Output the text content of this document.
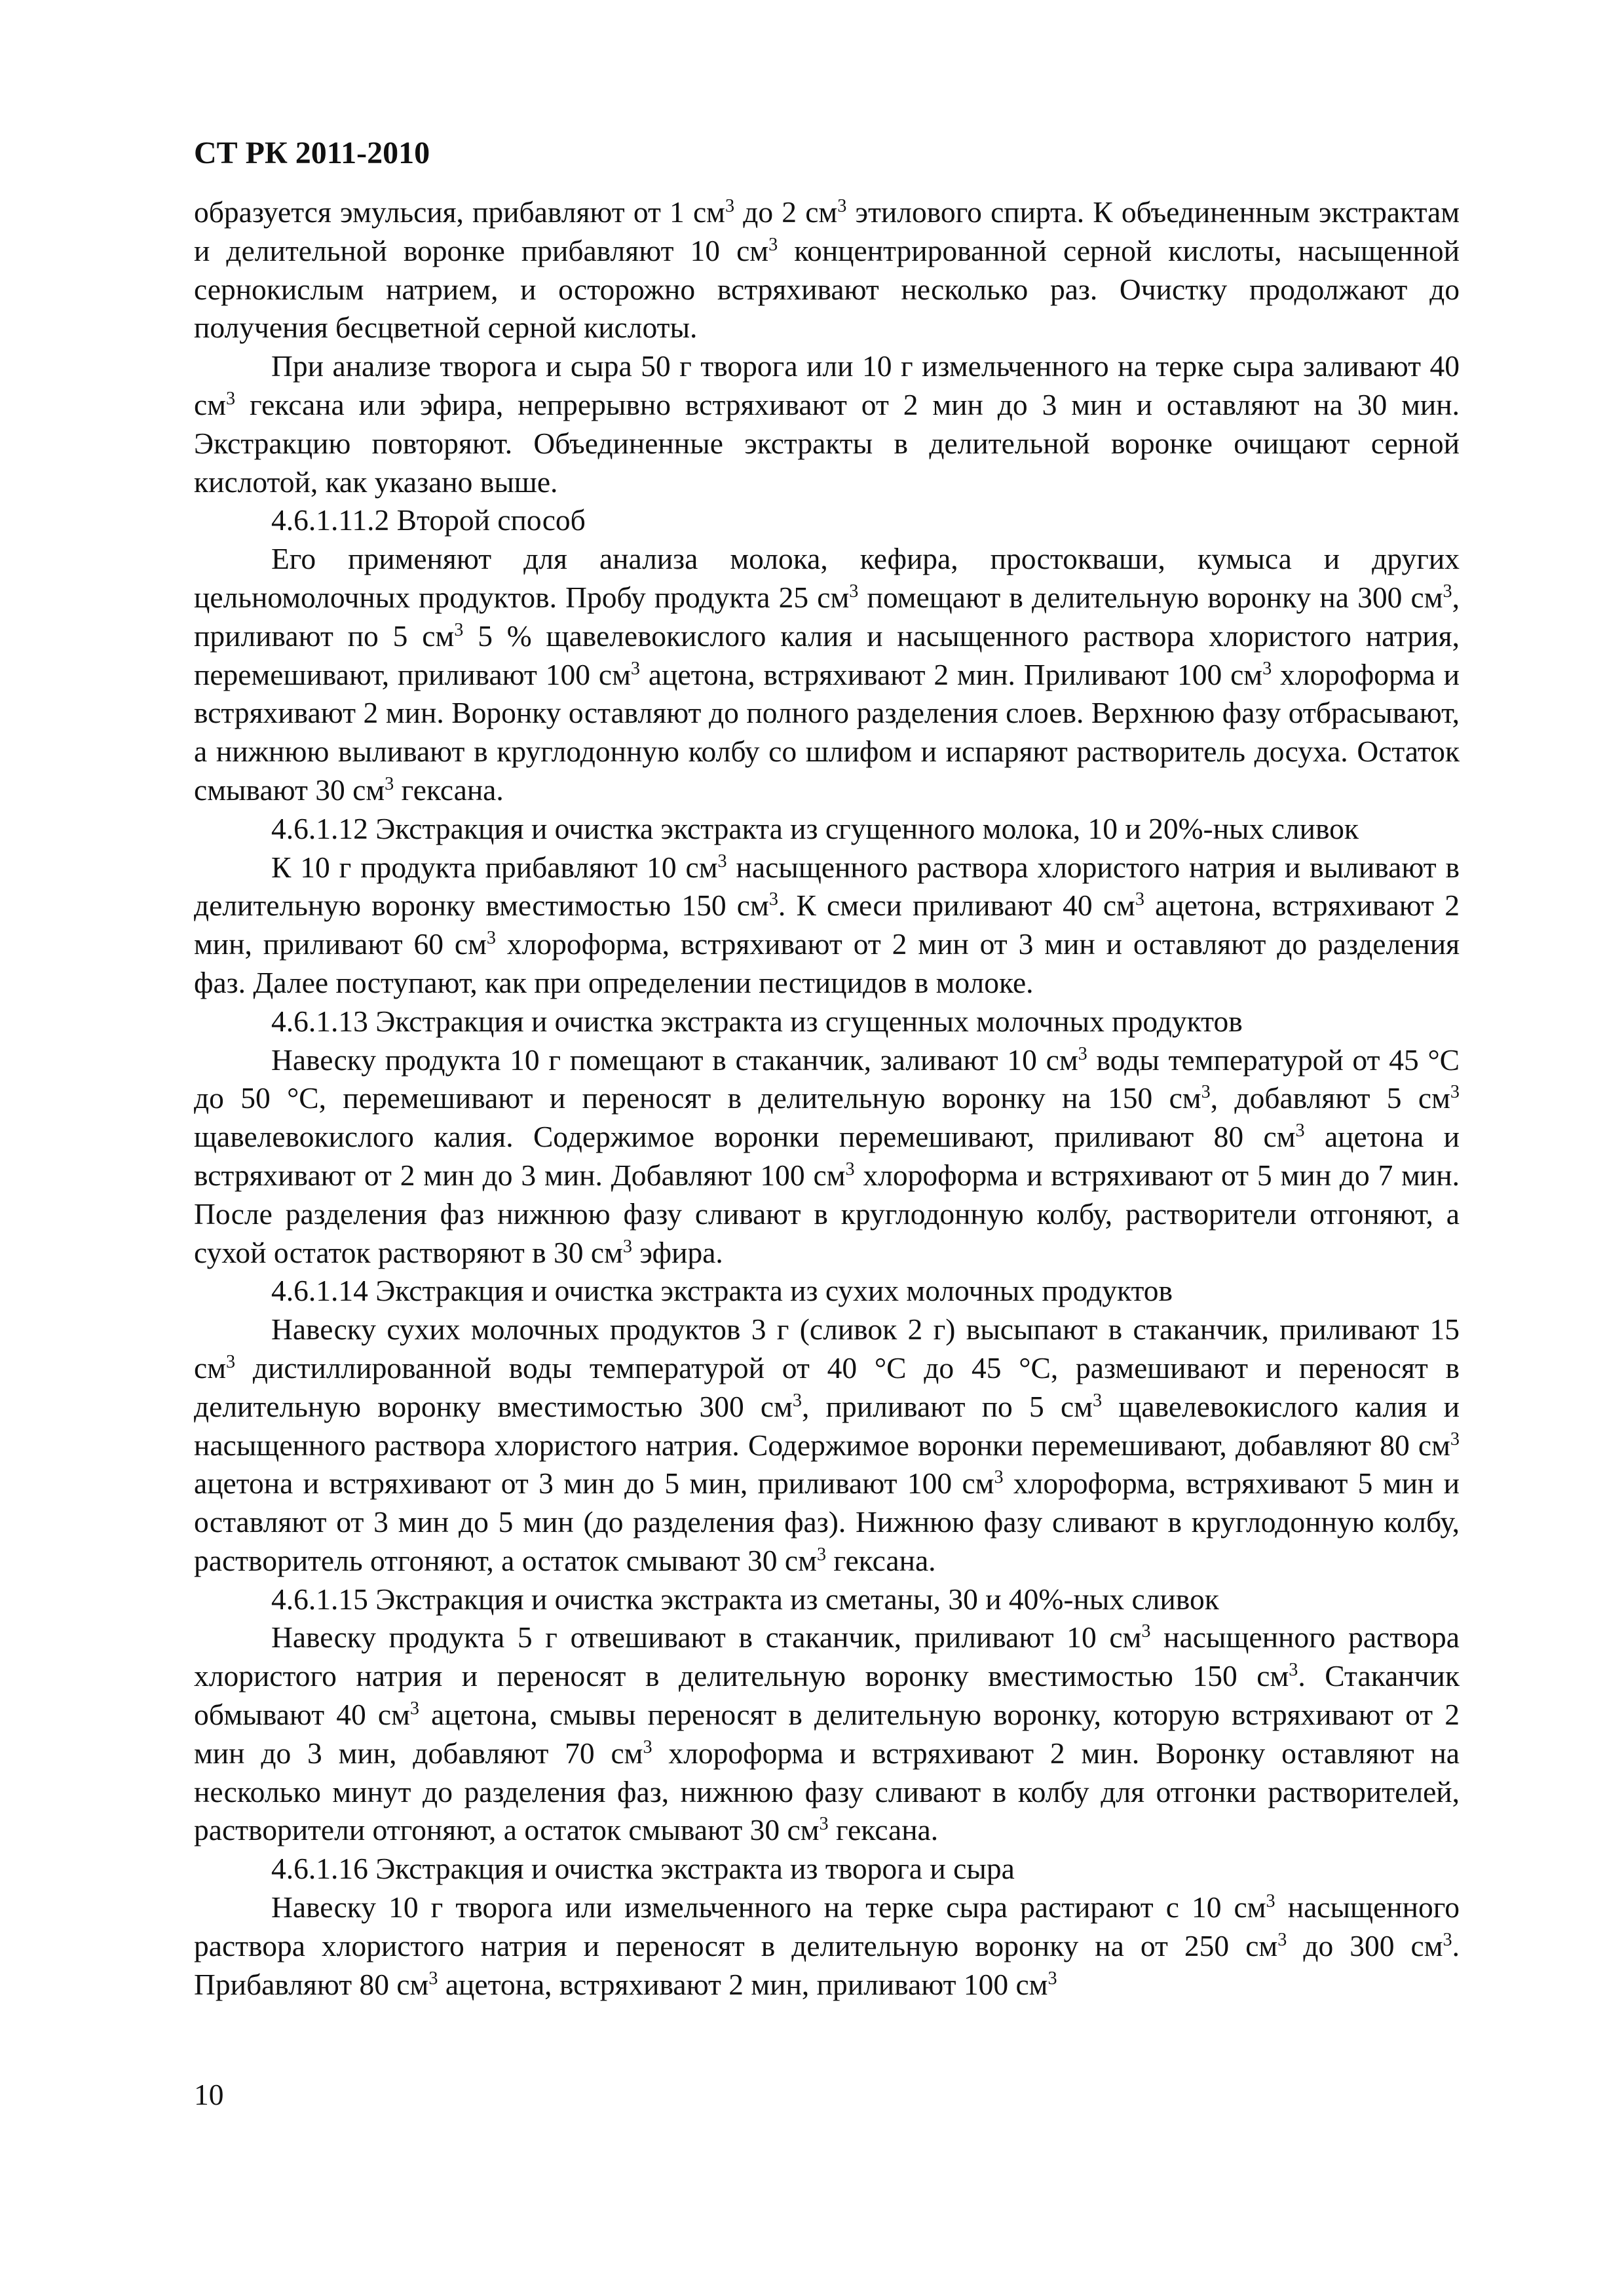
СТ РК 2011-2010

образуется эмульсия, прибавляют от 1 $см^3$ до 2 $см^3$ этилового спирта. К объединенным экстрактам и делительной воронке прибавляют 10 $см^3$ концентрированной серной кислоты, насыщенной сернокислым натрием, и осторожно встряхивают несколько раз. Очистку продолжают до получения бесцветной серной кислоты.

При анализе творога и сыра 50 г творога или 10 г измельченного на терке сыра заливают 40 $см^3$ гексана или эфира, непрерывно встряхивают от 2 мин до 3 мин и оставляют на 30 мин. Экстракцию повторяют. Объединенные экстракты в делительной воронке очищают серной кислотой, как указано выше.

4.6.1.11.2 Второй способ

Его применяют для анализа молока, кефира, простокваши, кумыса и других цельномолочных продуктов. Пробу продукта 25 $см^3$ помещают в делительную воронку на 300 $см^3$, приливают по 5 $см^3$ 5 % щавелевокислого калия и насыщенного раствора хлористого натрия, перемешивают, приливают 100 $см^3$ ацетона, встряхивают 2 мин. Приливают 100 $см^3$ хлороформа и встряхивают 2 мин. Воронку оставляют до полного разделения слоев. Верхнюю фазу отбрасывают, а нижнюю выливают в круглодонную колбу со шлифом и испаряют растворитель досуха. Остаток смывают 30 $см^3$ гексана.

4.6.1.12 Экстракция и очистка экстракта из сгущенного молока, 10 и 20%-ных сливок

К 10 г продукта прибавляют 10 $см^3$ насыщенного раствора хлористого натрия и выливают в делительную воронку вместимостью 150 $см^3$. К смеси приливают 40 $см^3$ ацетона, встряхивают 2 мин, приливают 60 $см^3$ хлороформа, встряхивают от 2 мин от 3 мин и оставляют до разделения фаз. Далее поступают, как при определении пестицидов в молоке.

4.6.1.13 Экстракция и очистка экстракта из сгущенных молочных продуктов

Навеску продукта 10 г помещают в стаканчик, заливают 10 $см^3$ воды температурой от 45 °С до 50 °С, перемешивают и переносят в делительную воронку на 150 $см^3$, добавляют 5 $см^3$ щавелевокислого калия. Содержимое воронки перемешивают, приливают 80 $см^3$ ацетона и встряхивают от 2 мин до 3 мин. Добавляют 100 $см^3$ хлороформа и встряхивают от 5 мин до 7 мин. После разделения фаз нижнюю фазу сливают в круглодонную колбу, растворители отгоняют, а сухой остаток растворяют в 30 $см^3$ эфира.

4.6.1.14 Экстракция и очистка экстракта из сухих молочных продуктов

Навеску сухих молочных продуктов 3 г (сливок 2 г) высыпают в стаканчик, приливают 15 $см^3$ дистиллированной воды температурой от 40 °С до 45 °С, размешивают и переносят в делительную воронку вместимостью 300 $см^3$, приливают по 5 $см^3$ щавелевокислого калия и насыщенного раствора хлористого натрия. Содержимое воронки перемешивают, добавляют 80 $см^3$ ацетона и встряхивают от 3 мин до 5 мин, приливают 100 $см^3$ хлороформа, встряхивают 5 мин и оставляют от 3 мин до 5 мин (до разделения фаз). Нижнюю фазу сливают в круглодонную колбу, растворитель отгоняют, а остаток смывают 30 $см^3$ гексана.

4.6.1.15 Экстракция и очистка экстракта из сметаны, 30 и 40%-ных сливок

Навеску продукта 5 г отвешивают в стаканчик, приливают 10 $см^3$ насыщенного раствора хлористого натрия и переносят в делительную воронку вместимостью 150 $см^3$. Стаканчик обмывают 40 $см^3$ ацетона, смывы переносят в делительную воронку, которую встряхивают от 2 мин до 3 мин, добавляют 70 $см^3$ хлороформа и встряхивают 2 мин. Воронку оставляют на несколько минут до разделения фаз, нижнюю фазу сливают в колбу для отгонки растворителей, растворители отгоняют, а остаток смывают 30 $см^3$ гексана.

4.6.1.16 Экстракция и очистка экстракта из творога и сыра

Навеску 10 г творога или измельченного на терке сыра растирают с 10 $см^3$ насыщенного раствора хлористого натрия и переносят в делительную воронку на от 250 $см^3$ до 300 $см^3$. Прибавляют 80 $см^3$ ацетона, встряхивают 2 мин, приливают 100 $см^3$

10
